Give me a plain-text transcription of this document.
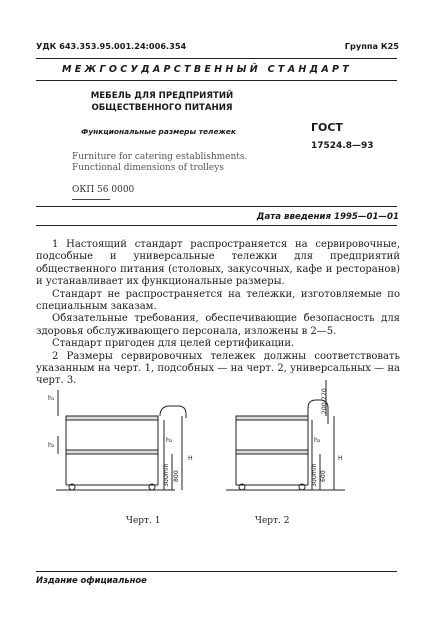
УДК 643.353.95.001.24:006.354	Группа К25
МЕЖГОСУДАРСТВЕННЫЙ СТАНДАРТ
МЕБЕЛЬ ДЛЯ ПРЕДПРИЯТИЙ
ОБЩЕСТВЕННОГО ПИТАНИЯ
Функциональные размеры тележек	ГОСТ
17524.8—93
Furniture for catering establishments.
Functional dimensions of trolleys
ОКП 56 0000
Дата введения 1995—01—01

1 Настоящий стандарт распространяется на сервировочные, подсобные и универсальные тележки для предприятий общественного питания (столовых, закусочных, кафе и ресторанов) и устанавливает их функциональные размеры.

Стандарт не распространяется на тележки, изготовляемые по специальным заказам.

Обязательные требования, обеспечивающие безопасность для здоровья обслуживающего персонала, изложены в 2—5.

Стандарт пригоден для целей сертификации.

2 Размеры сервировочных тележек должны соответствовать указанным на черт. 1, подсобных — на черт. 2, универсальных — на черт. 3.

h₁
h₂
h₂
300min 800
H
Черт. 1
200-220
h₂
300min 600
H
Черт. 2
Издание официальное
